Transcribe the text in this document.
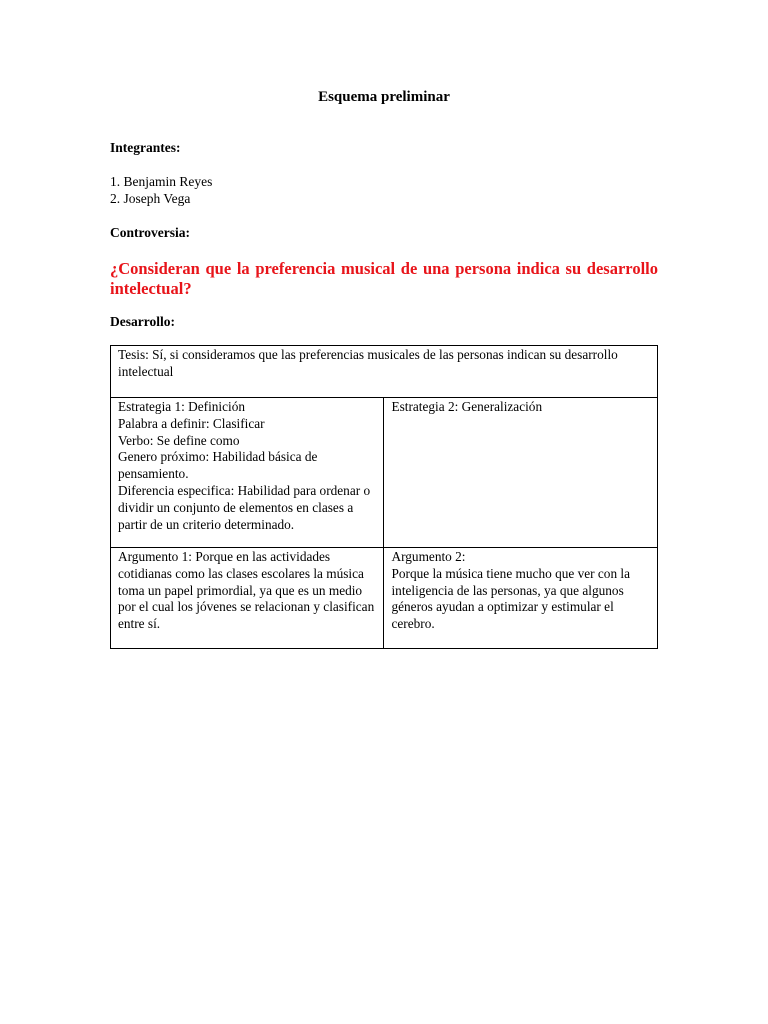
Esquema preliminar
Integrantes:
1. Benjamin Reyes
2. Joseph Vega
Controversia:
¿Consideran que la preferencia musical de una persona indica su desarrollo intelectual?
Desarrollo:
Tesis: Sí, si consideramos que las preferencias musicales de las personas indican su desarrollo intelectual	

Estrategia 1: Definición
Palabra a definir: Clasificar
Verbo: Se define como
Genero próximo: Habilidad básica de pensamiento.
Diferencia especifica: Habilidad para ordenar o dividir un conjunto de elementos en clases a partir de un criterio determinado.	Estrategia 2: Generalización
Argumento 1: Porque en las actividades cotidianas como las clases escolares la música toma un papel primordial, ya que es un medio por el cual los jóvenes se relacionan y clasifican entre sí.	Argumento 2:
Porque la música tiene mucho que ver con la inteligencia de las personas, ya que algunos géneros ayudan a optimizar y estimular el cerebro.
